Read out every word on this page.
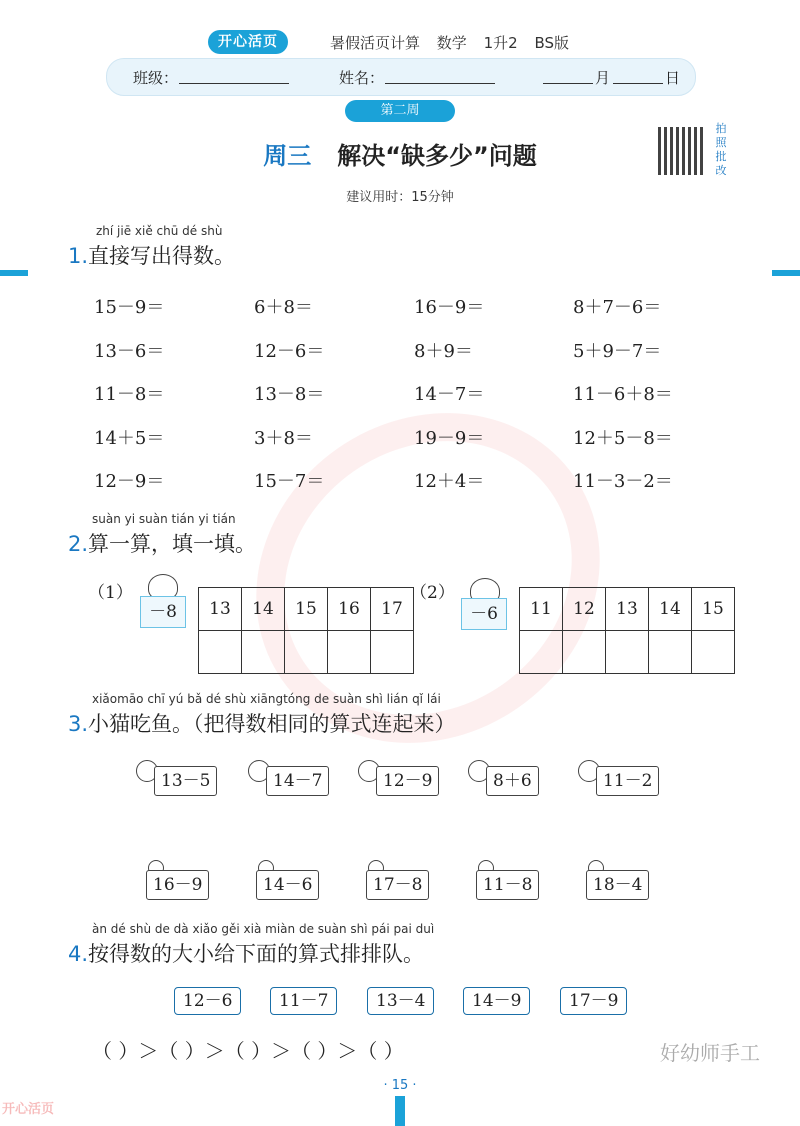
开心活页	暑假活页计算 数学 1升2 BS版
班级：	姓名：	月	日
第二周
周三 解决“缺多少”问题
拍
照
批
改
建议用时：15分钟
zhí jiē xiě chū dé shù
1.直接写出得数。
15－9＝	6＋8＝	16－9＝	8＋7－6＝
13－6＝	12－6＝	8＋9＝	5＋9－7＝
11－8＝	13－8＝	14－7＝	11－6＋8＝
14＋5＝	3＋8＝	19－9＝	12＋5－8＝
12－9＝	15－7＝	12＋4＝	11－3－2＝
suàn yi suàn tián yi tián
2.算一算，填一填。
（1）
－8	13	14	15	16	17

（2）
－6	11	12	13	14	15

xiǎomāo chī yú bǎ dé shù xiāngtóng de suàn shì lián qǐ lái
3.小猫吃鱼。（把得数相同的算式连起来）
13－5	14－7	12－9	8＋6	11－2
16－9	14－6	17－8	11－8	18－4
àn dé shù de dà xiǎo gěi xià miàn de suàn shì pái pai duì
4.按得数的大小给下面的算式排排队。
12－6	11－7	13－4	14－9	17－9
（ ）＞（ ）＞（ ）＞（ ）＞（ ）	好幼师手工
· 15 ·
开心活页
